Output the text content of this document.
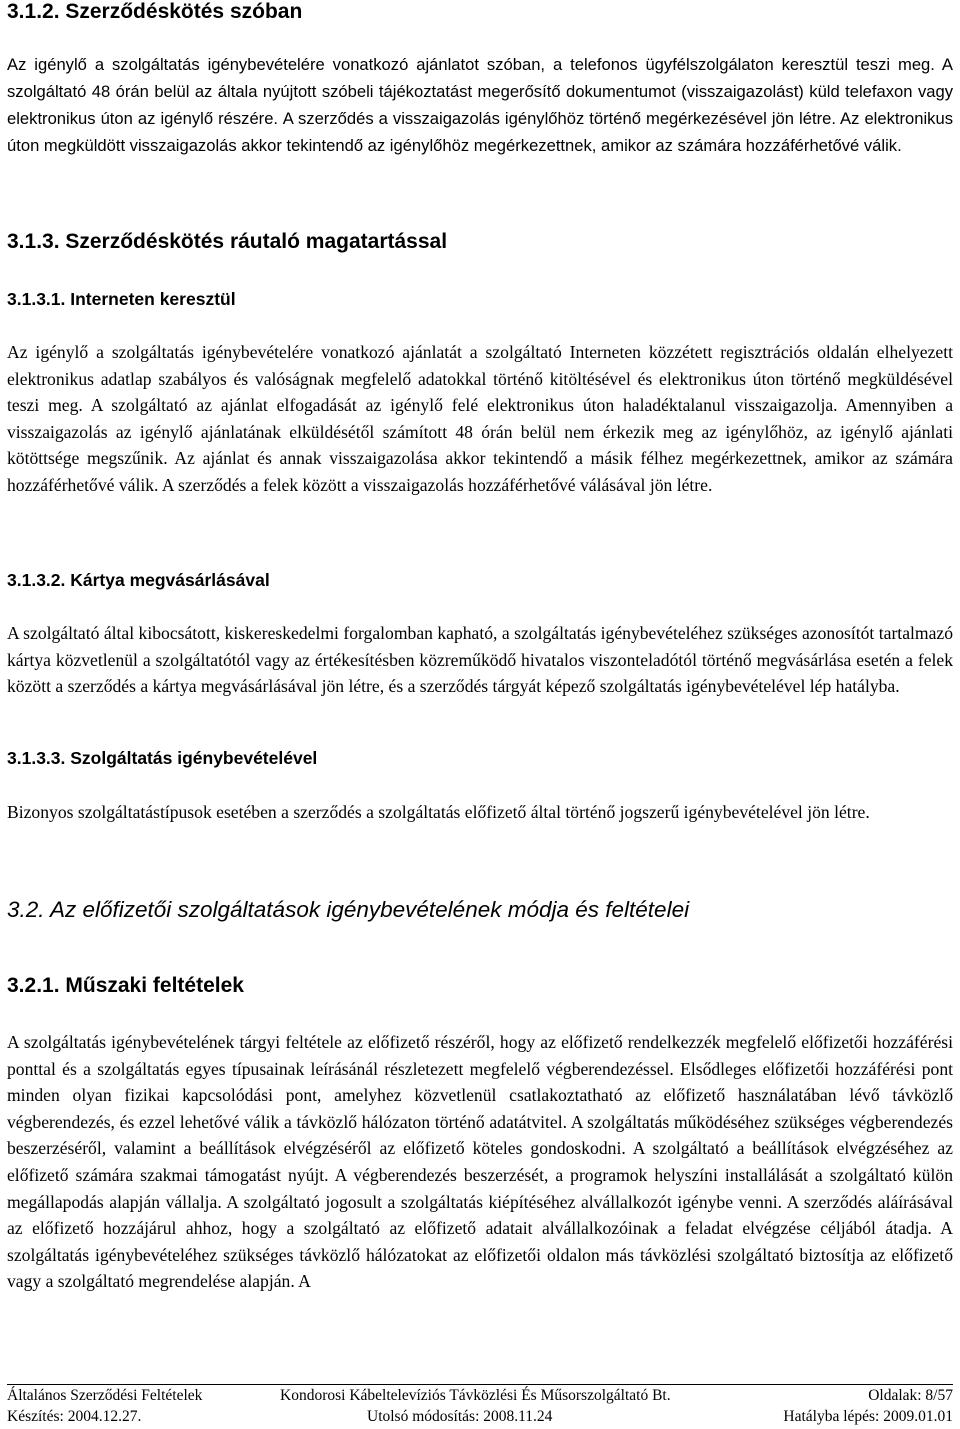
3.1.2. Szerződéskötés szóban

Az igénylő a szolgáltatás igénybevételére vonatkozó ajánlatot szóban, a telefonos ügyfélszolgálaton keresztül teszi meg. A szolgáltató 48 órán belül az általa nyújtott szóbeli tájékoztatást megerősítő dokumentumot (visszaigazolást) küld telefaxon vagy elektronikus úton az igénylő részére. A szerződés a visszaigazolás igénylőhöz történő megérkezésével jön létre. Az elektronikus úton megküldött visszaigazolás akkor tekintendő az igénylőhöz megérkezettnek, amikor az számára hozzáférhetővé válik.

3.1.3. Szerződéskötés ráutaló magatartással
3.1.3.1. Interneten keresztül

Az igénylő a szolgáltatás igénybevételére vonatkozó ajánlatát a szolgáltató Interneten közzétett regisztrációs oldalán elhelyezett elektronikus adatlap szabályos és valóságnak megfelelő adatokkal történő kitöltésével és elektronikus úton történő megküldésével teszi meg. A szolgáltató az ajánlat elfogadását az igénylő felé elektronikus úton haladéktalanul visszaigazolja. Amennyiben a visszaigazolás az igénylő ajánlatának elküldésétől számított 48 órán belül nem érkezik meg az igénylőhöz, az igénylő ajánlati kötöttsége megszűnik. Az ajánlat és annak visszaigazolása akkor tekintendő a másik félhez megérkezettnek, amikor az számára hozzáférhetővé válik. A szerződés a felek között a visszaigazolás hozzáférhetővé válásával jön létre.

3.1.3.2. Kártya megvásárlásával

A szolgáltató által kibocsátott, kiskereskedelmi forgalomban kapható, a szolgáltatás igénybevételéhez szükséges azonosítót tartalmazó kártya közvetlenül a szolgáltatótól vagy az értékesítésben közreműködő hivatalos viszonteladótól történő megvásárlása esetén a felek között a szerződés a kártya megvásárlásával jön létre, és a szerződés tárgyát képező szolgáltatás igénybevételével lép hatályba.

3.1.3.3. Szolgáltatás igénybevételével

Bizonyos szolgáltatástípusok esetében a szerződés a szolgáltatás előfizető által történő jogszerű igénybevételével jön létre.

3.2. Az előfizetői szolgáltatások igénybevételének módja és feltételei
3.2.1. Műszaki feltételek

A szolgáltatás igénybevételének tárgyi feltétele az előfizető részéről, hogy az előfizető rendelkezzék megfelelő előfizetői hozzáférési ponttal és a szolgáltatás egyes típusainak leírásánál részletezett megfelelő végberendezéssel. Elsődleges előfizetői hozzáférési pont minden olyan fizikai kapcsolódási pont, amelyhez közvetlenül csatlakoztatható az előfizető használatában lévő távközlő végberendezés, és ezzel lehetővé válik a távközlő hálózaton történő adatátvitel. A szolgáltatás működéséhez szükséges végberendezés beszerzéséről, valamint a beállítások elvégzéséről az előfizető köteles gondoskodni. A szolgáltató a beállítások elvégzéséhez az előfizető számára szakmai támogatást nyújt. A végberendezés beszerzését, a programok helyszíni installálását a szolgáltató külön megállapodás alapján vállalja. A szolgáltató jogosult a szolgáltatás kiépítéséhez alvállalkozót igénybe venni. A szerződés aláírásával az előfizető hozzájárul ahhoz, hogy a szolgáltató az előfizető adatait alvállalkozóinak a feladat elvégzése céljából átadja. A szolgáltatás igénybevételéhez szükséges távközlő hálózatokat az előfizetői oldalon más távközlési szolgáltató biztosítja az előfizető vagy a szolgáltató megrendelése alapján. A

Általános Szerződési Feltételek	Kondorosi Kábeltelevíziós Távközlési És Műsorszolgáltató Bt.	Oldalak: 8/57
Készítés: 2004.12.27.	Utolsó módosítás: 2008.11.24	Hatályba lépés: 2009.01.01
